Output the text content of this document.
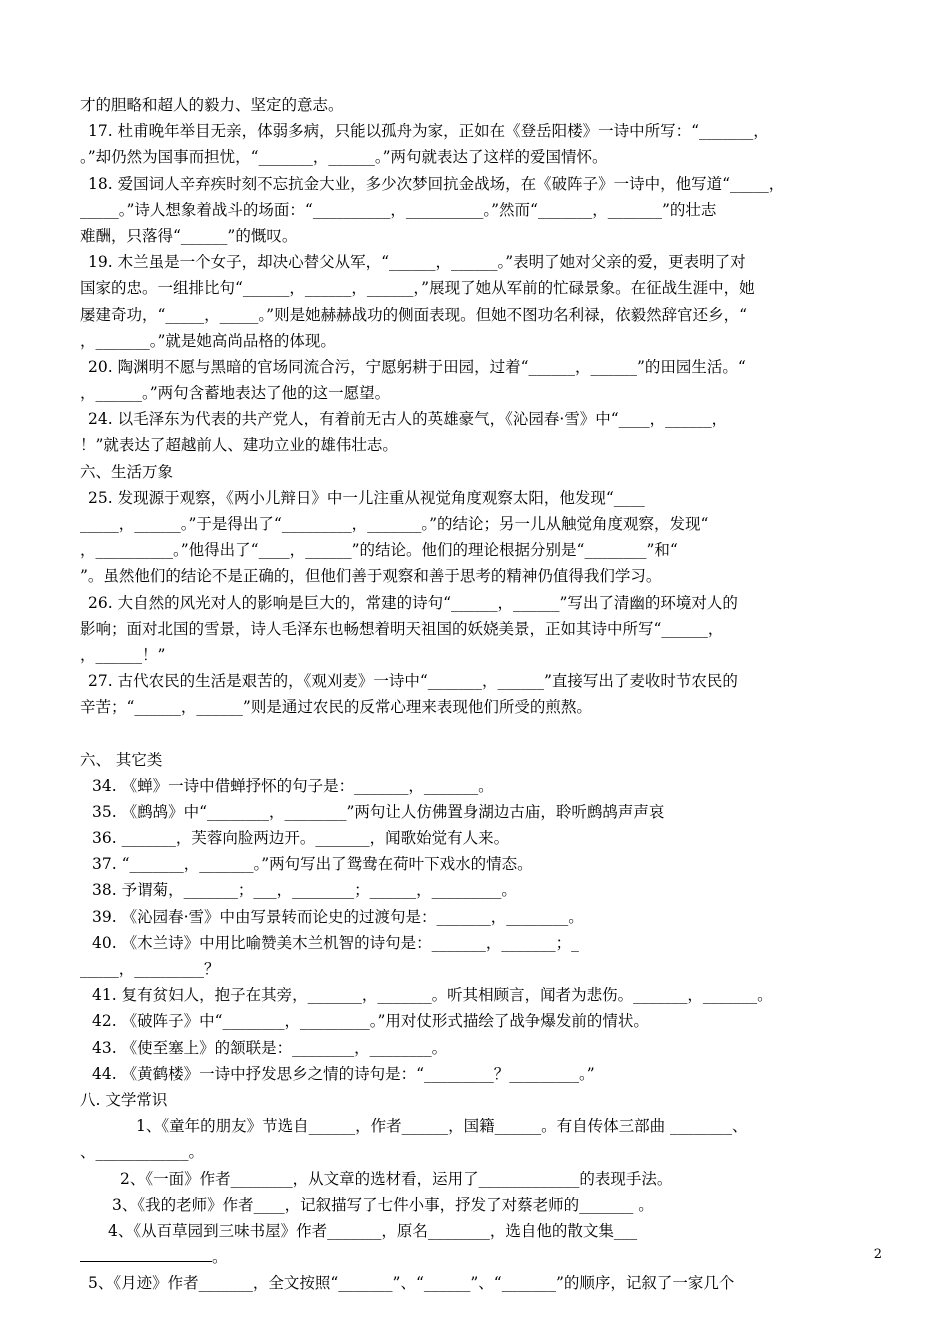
才的胆略和超人的毅力、坚定的意志。
17. 杜甫晚年举目无亲，体弱多病，只能以孤舟为家，正如在《登岳阳楼》一诗中所写：“_______，
。”却仍然为国事而担忧，“_______，______。”两句就表达了这样的爱国情怀。
18. 爱国词人辛弃疾时刻不忘抗金大业，多少次梦回抗金战场，在《破阵子》一诗中，他写道“_____，
_____。”诗人想象着战斗的场面：“__________，__________。”然而“_______，_______”的壮志
难酬，只落得“______”的慨叹。
19. 木兰虽是一个女子，却决心替父从军，“______，______。”表明了她对父亲的爱，更表明了对
国家的忠。一组排比句“______，______，______，”展现了她从军前的忙碌景象。在征战生涯中，她
屡建奇功，“_____，_____。”则是她赫赫战功的侧面表现。但她不图功名利禄，依毅然辞官还乡，“
，_______。”就是她高尚品格的体现。
20. 陶渊明不愿与黑暗的官场同流合污，宁愿躬耕于田园，过着“______，______”的田园生活。“
，______。”两句含蓄地表达了他的这一愿望。
24. 以毛泽东为代表的共产党人，有着前无古人的英雄豪气，《沁园春·雪》中“____，______，
！”就表达了超越前人、建功立业的雄伟壮志。
六、生活万象
25. 发现源于观察，《两小儿辩日》中一儿注重从视觉角度观察太阳，他发现“____
_____，______。”于是得出了“_________，_______。”的结论；另一儿从触觉角度观察，发现“
，__________。”他得出了“____，______”的结论。他们的理论根据分别是“________”和“
”。虽然他们的结论不是正确的，但他们善于观察和善于思考的精神仍值得我们学习。
26. 大自然的风光对人的影响是巨大的，常建的诗句“______，______”写出了清幽的环境对人的
影响；面对北国的雪景，诗人毛泽东也畅想着明天祖国的妖娆美景，正如其诗中所写“______，
，______！”
27. 古代农民的生活是艰苦的，《观刈麦》一诗中“_______，______”直接写出了麦收时节农民的
辛苦；“______，______”则是通过农民的反常心理来表现他们所受的煎熬。
六、 其它类
34. 《蝉》一诗中借蝉抒怀的句子是：_______，_______。
35. 《鹧鸪》中“________，________”两句让人仿佛置身湖边古庙，聆听鹧鸪声声哀
36. _______，芙蓉向脸两边开。_______，闻歌始觉有人来。
37. “_______，_______。”两句写出了鸳鸯在荷叶下戏水的情态。
38. 予谓菊，_______；___，________；______，_________。
39. 《沁园春·雪》中由写景转而论史的过渡句是：_______，________。
40. 《木兰诗》中用比喻赞美木兰机智的诗句是：_______，_______；_
_____，_________？
41. 复有贫妇人，抱子在其旁，_______，_______。听其相顾言，闻者为悲伤。_______，_______。
42. 《破阵子》中“________，_________。”用对仗形式描绘了战争爆发前的情状。
43. 《使至塞上》的颔联是：________，________。
44. 《黄鹤楼》一诗中抒发思乡之情的诗句是：“_________？_________。”
八. 文学常识
1、《童年的朋友》节选自______，作者______，国籍______。有自传体三部曲 ________、
、____________。
2、《一面》作者________，从文章的选材看，运用了_____________的表现手法。
3、《我的老师》作者____，记叙描写了七件小事，抒发了对蔡老师的_______ 。
4、《从百草园到三味书屋》作者_______，原名________，选自他的散文集___
。
5、《月迹》作者_______，全文按照“_______”、“______”、“_______”的顺序，记叙了一家几个
2
